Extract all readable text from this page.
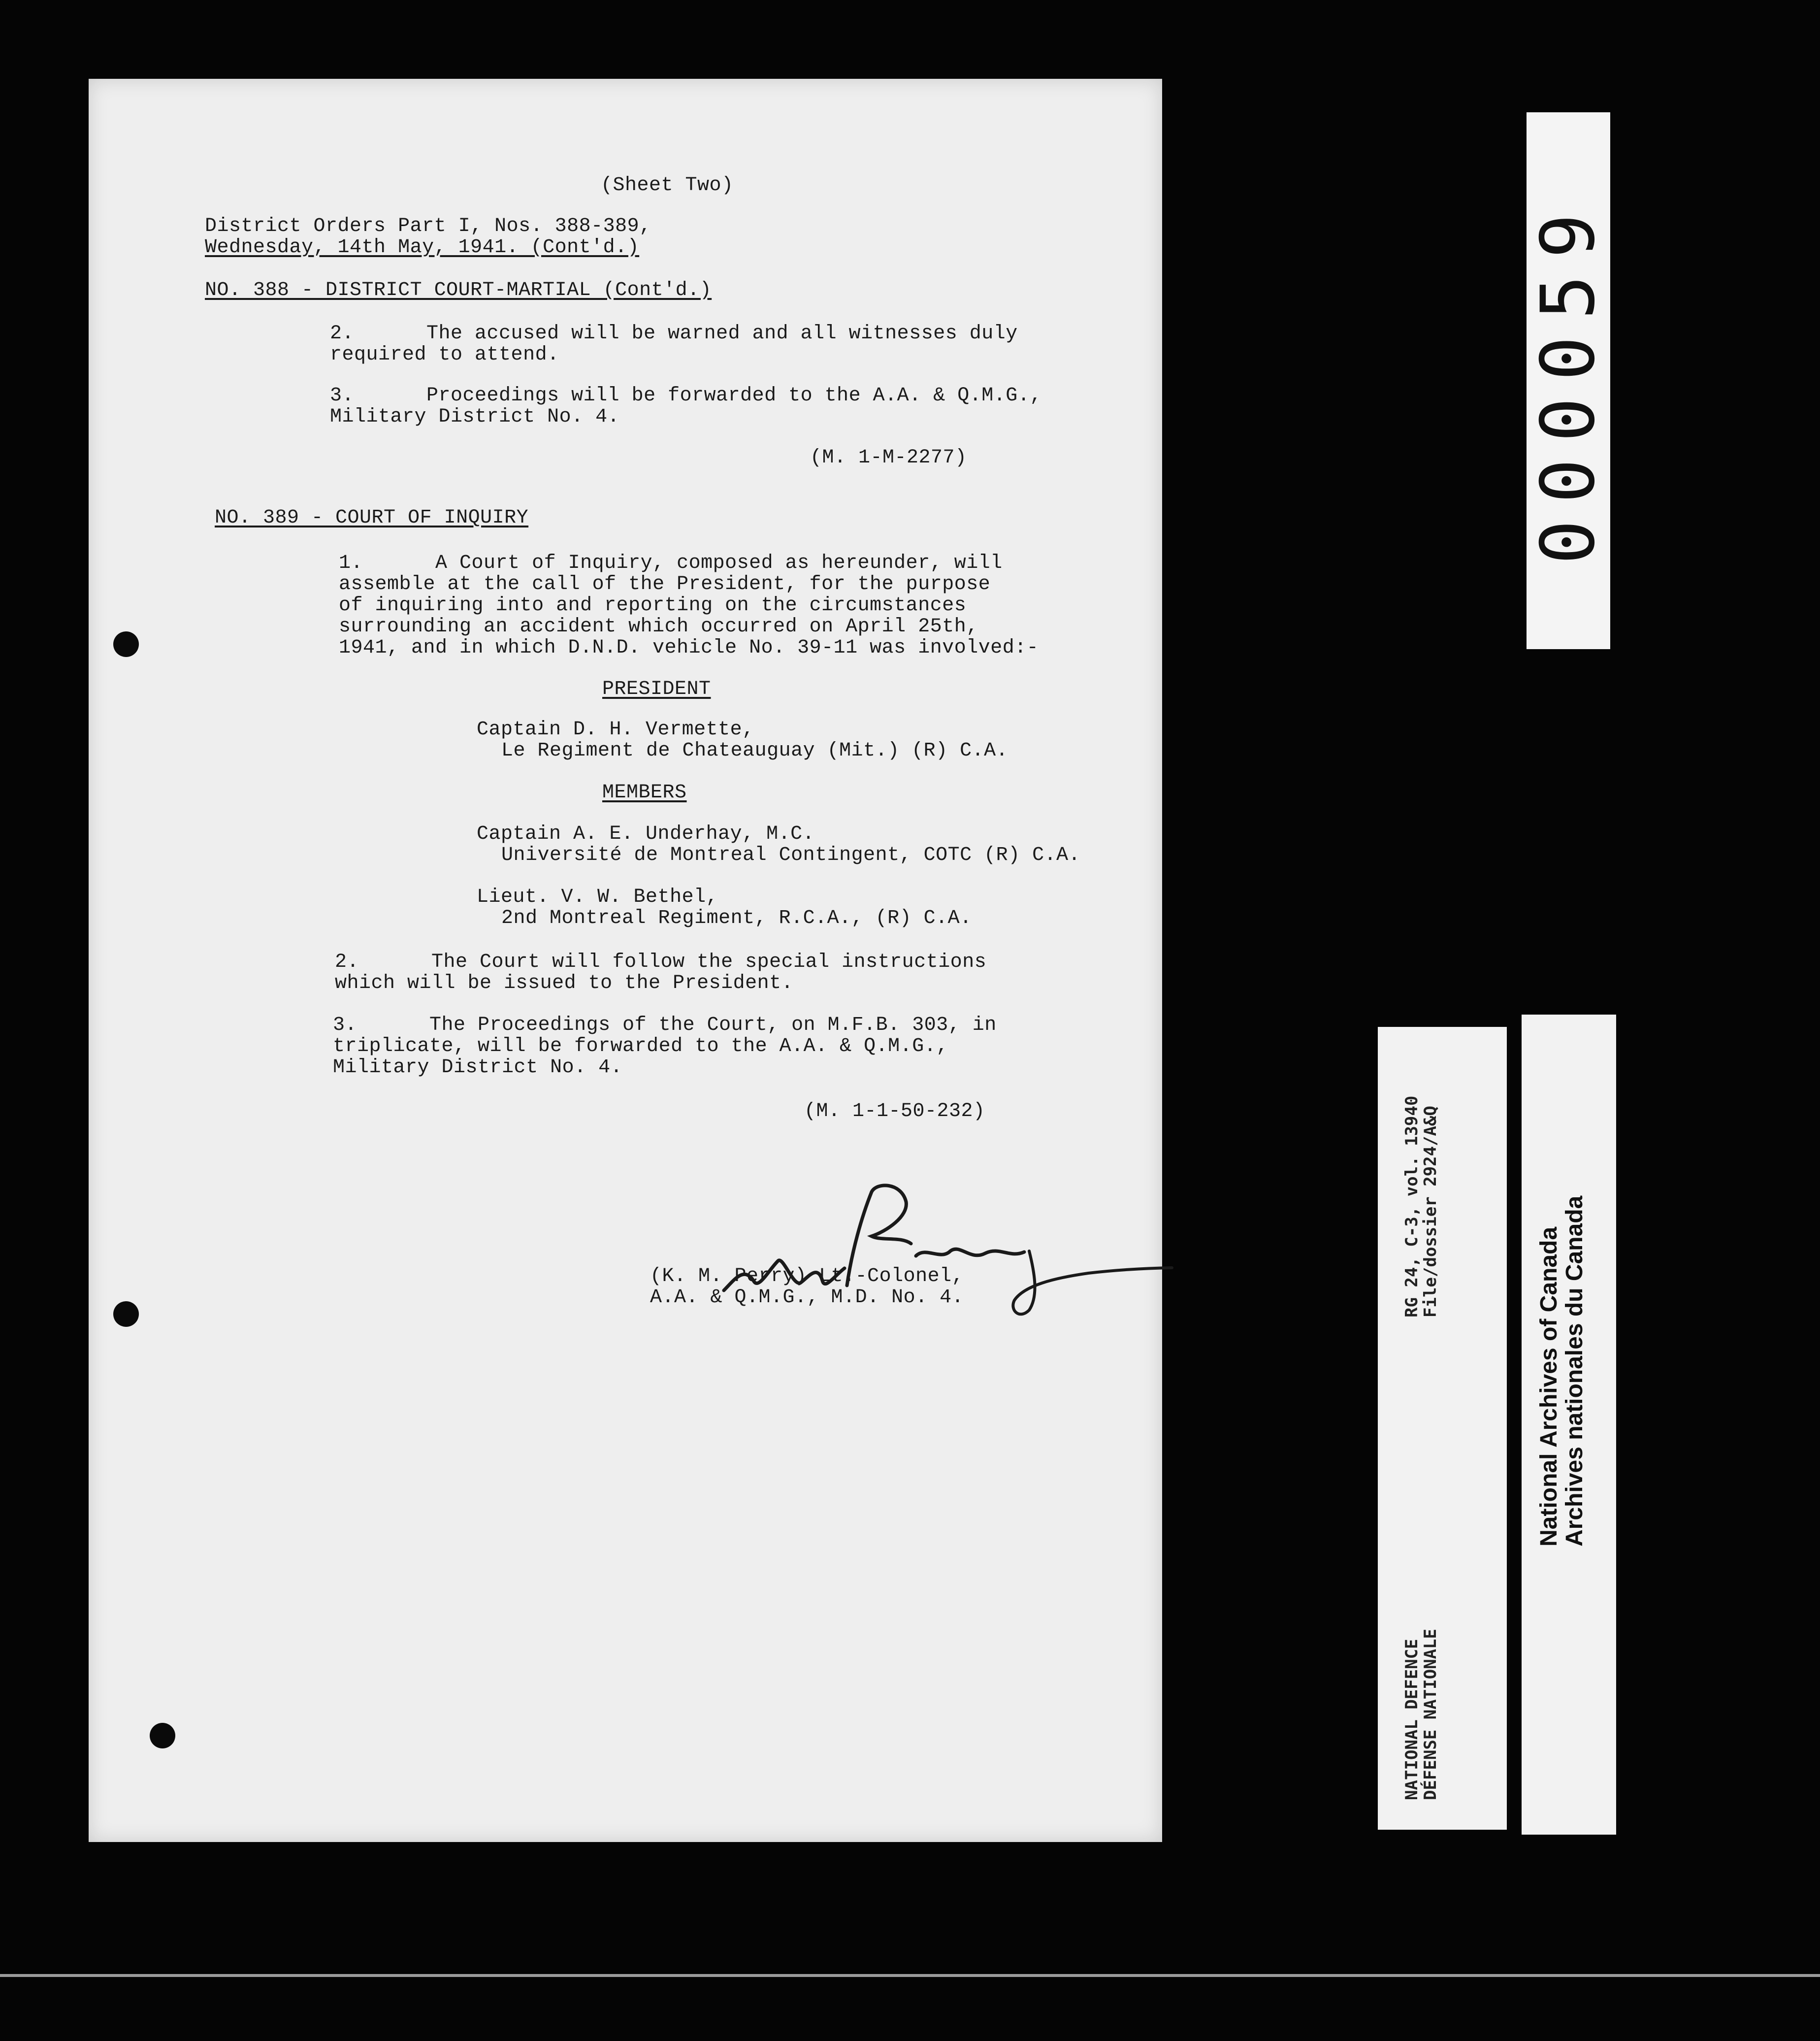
(Sheet Two)
District Orders Part I, Nos. 388-389,
Wednesday, 14th May, 1941. (Cont'd.)
NO. 388 - DISTRICT COURT-MARTIAL (Cont'd.)
2.      The accused will be warned and all witnesses duly
required to attend.
3.      Proceedings will be forwarded to the A.A. & Q.M.G.,
Military District No. 4.
(M. 1-M-2277)
NO. 389 - COURT OF INQUIRY
1.      A Court of Inquiry, composed as hereunder, will
assemble at the call of the President, for the purpose
of inquiring into and reporting on the circumstances
surrounding an accident which occurred on April 25th,
1941, and in which D.N.D. vehicle No. 39-11 was involved:-
PRESIDENT
Captain D. H. Vermette,
Le Regiment de Chateauguay (Mit.) (R) C.A.
MEMBERS
Captain A. E. Underhay, M.C.
Université de Montreal Contingent, COTC (R) C.A.
Lieut. V. W. Bethel,
2nd Montreal Regiment, R.C.A., (R) C.A.
2.      The Court will follow the special instructions
which will be issued to the President.
3.      The Proceedings of the Court, on M.F.B. 303, in
triplicate, will be forwarded to the A.A. & Q.M.G.,
Military District No. 4.
(M. 1-1-50-232)
(K. M. Perry) Lt.-Colonel,
A.A. & Q.M.G., M.D. No. 4.
000059
NATIONAL DEFENCE
DÉFENSE NATIONALE
RG 24, C-3, vol. 13940
File/dossier 2924/A&Q
National Archives of Canada Archives nationales du Canada
